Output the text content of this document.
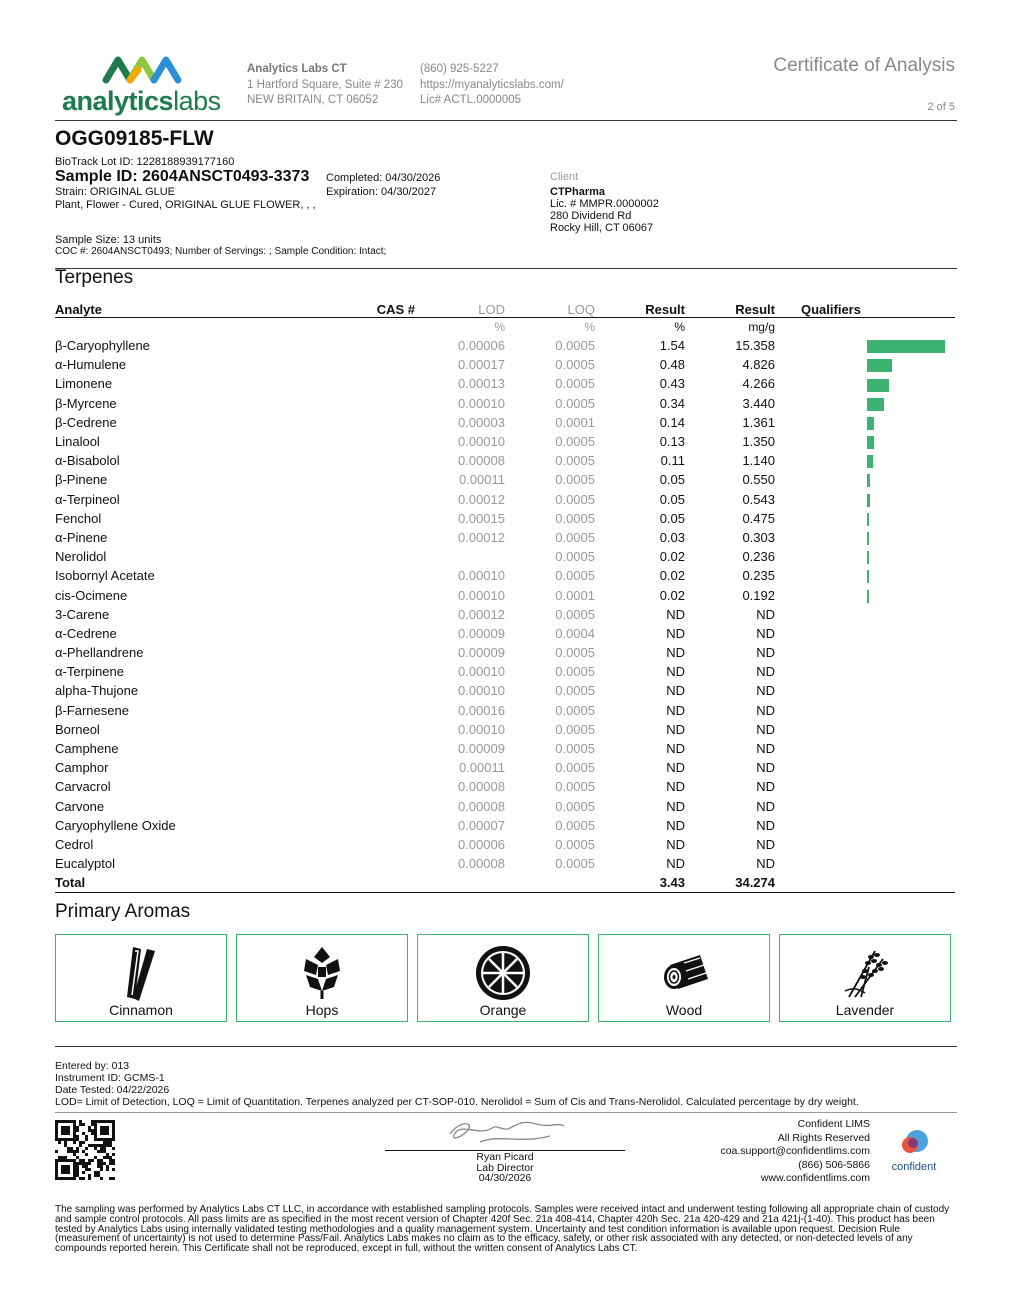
analyticslabs
Analytics Labs CT
1 Hartford Square, Suite # 230
NEW BRITAIN, CT 06052
(860) 925-5227
https://myanalyticslabs.com/
Lic# ACTL.0000005
Certificate of Analysis
2 of 5
OGG09185-FLW
BioTrack Lot ID: 1228188939177160
Sample ID: 2604ANSCT0493-3373
Strain: ORIGINAL GLUE
Plant, Flower - Cured, ORIGINAL GLUE FLOWER, , ,
Completed: 04/30/2026
Expiration: 04/30/2027
Client
CTPharma
Lic. # MMPR.0000002
280 Dividend Rd
Rocky Hill, CT 06067
Sample Size: 13 units
COC #: 2604ANSCT0493; Number of Servings: ; Sample Condition: Intact;
Terpenes
Analyte	CAS #	LOD	LOQ	Result	Result	Qualifiers
		%	%	%	mg/g	
β-Caryophyllene		0.00006	0.0005	1.54	15.358	
α-Humulene		0.00017	0.0005	0.48	4.826	
Limonene		0.00013	0.0005	0.43	4.266	
β-Myrcene		0.00010	0.0005	0.34	3.440	
β-Cedrene		0.00003	0.0001	0.14	1.361	
Linalool		0.00010	0.0005	0.13	1.350	
α-Bisabolol		0.00008	0.0005	0.11	1.140	
β-Pinene		0.00011	0.0005	0.05	0.550	
α-Terpineol		0.00012	0.0005	0.05	0.543	
Fenchol		0.00015	0.0005	0.05	0.475	
α-Pinene		0.00012	0.0005	0.03	0.303	
Nerolidol			0.0005	0.02	0.236	
Isobornyl Acetate		0.00010	0.0005	0.02	0.235	
cis-Ocimene		0.00010	0.0001	0.02	0.192	
3-Carene		0.00012	0.0005	ND	ND	
α-Cedrene		0.00009	0.0004	ND	ND	
α-Phellandrene		0.00009	0.0005	ND	ND	
α-Terpinene		0.00010	0.0005	ND	ND	
alpha-Thujone		0.00010	0.0005	ND	ND	
β-Farnesene		0.00016	0.0005	ND	ND	
Borneol		0.00010	0.0005	ND	ND	
Camphene		0.00009	0.0005	ND	ND	
Camphor		0.00011	0.0005	ND	ND	
Carvacrol		0.00008	0.0005	ND	ND	
Carvone		0.00008	0.0005	ND	ND	
Caryophyllene Oxide		0.00007	0.0005	ND	ND	
Cedrol		0.00006	0.0005	ND	ND	
Eucalyptol		0.00008	0.0005	ND	ND	
Total				3.43	34.274	
Primary Aromas
Cinnamon	Hops	Orange	Wood	Lavender
Entered by: 013
Instrument ID: GCMS-1
Date Tested: 04/22/2026
LOD= Limit of Detection, LOQ = Limit of Quantitation. Terpenes analyzed per CT-SOP-010. Nerolidol = Sum of Cis and Trans-Nerolidol. Calculated percentage by dry weight.
Ryan Picard
Lab Director
04/30/2026
Confident LIMS
All Rights Reserved
coa.support@confidentlims.com
(866) 506-5866
www.confidentlims.com
confident
The sampling was performed by Analytics Labs CT LLC, in accordance with established sampling protocols. Samples were received intact and underwent testing following all appropriate chain of custody and sample control protocols. All pass limits are as specified in the most recent version of Chapter 420f Sec. 21a 408-414, Chapter 420h Sec. 21a 420-429 and 21a 421j-(1-40). This product has been tested by Analytics Labs using internally validated testing methodologies and a quality management system. Uncertainty and test condition information is available upon request. Decision Rule (measurement of uncertainty) is not used to determine Pass/Fail. Analytics Labs makes no claim as to the efficacy, safety, or other risk associated with any detected, or non-detected levels of any compounds reported herein. This Certificate shall not be reproduced, except in full, without the written consent of Analytics Labs CT.
